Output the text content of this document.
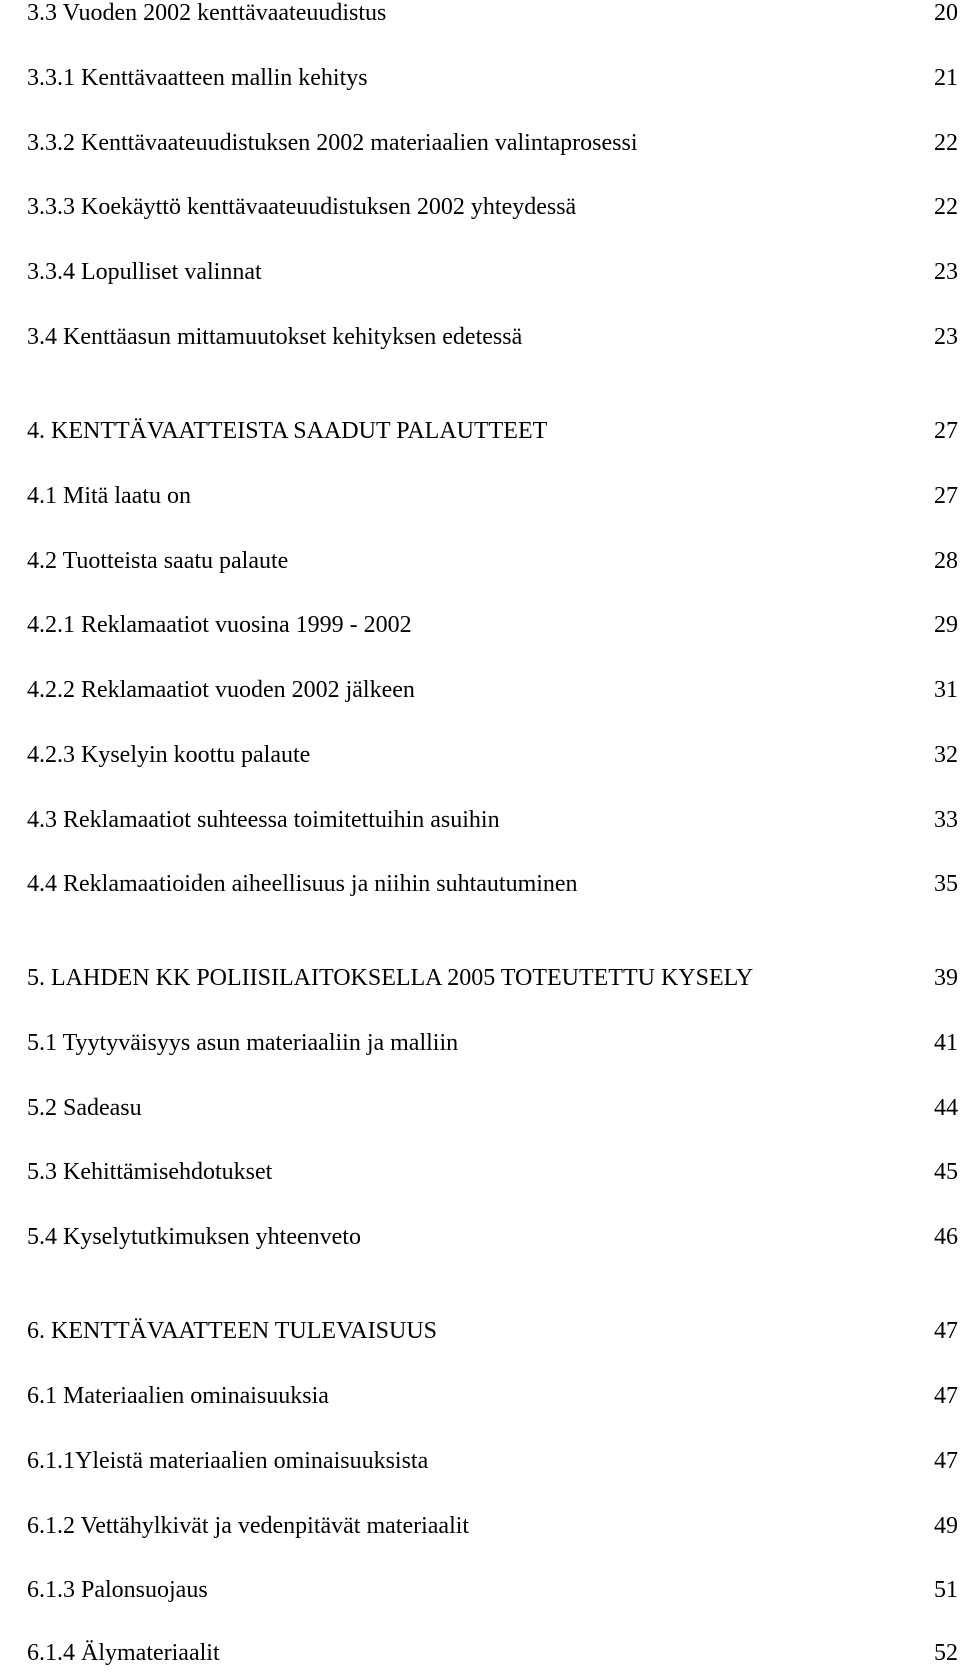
3.3 Vuoden 2002 kenttävaateuudistus	20
3.3.1 Kenttävaatteen mallin kehitys	21
3.3.2 Kenttävaateuudistuksen 2002 materiaalien valintaprosessi	22
3.3.3 Koekäyttö kenttävaateuudistuksen 2002 yhteydessä	22
3.3.4 Lopulliset valinnat	23
3.4 Kenttäasun mittamuutokset kehityksen edetessä	23
4. KENTTÄVAATTEISTA SAADUT PALAUTTEET	27
4.1 Mitä laatu on	27
4.2 Tuotteista saatu palaute	28
4.2.1 Reklamaatiot vuosina 1999 - 2002	29
4.2.2 Reklamaatiot vuoden 2002 jälkeen	31
4.2.3 Kyselyin koottu palaute	32
4.3 Reklamaatiot suhteessa toimitettuihin asuihin	33
4.4 Reklamaatioiden aiheellisuus ja niihin suhtautuminen	35
5. LAHDEN KK POLIISILAITOKSELLA 2005 TOTEUTETTU KYSELY	39
5.1 Tyytyväisyys asun materiaaliin ja malliin	41
5.2 Sadeasu	44
5.3 Kehittämisehdotukset	45
5.4 Kyselytutkimuksen yhteenveto	46
6. KENTTÄVAATTEEN TULEVAISUUS	47
6.1 Materiaalien ominaisuuksia	47
6.1.1Yleistä materiaalien ominaisuuksista	47
6.1.2 Vettähylkivät ja vedenpitävät materiaalit	49
6.1.3 Palonsuojaus	51
6.1.4 Älymateriaalit	52
